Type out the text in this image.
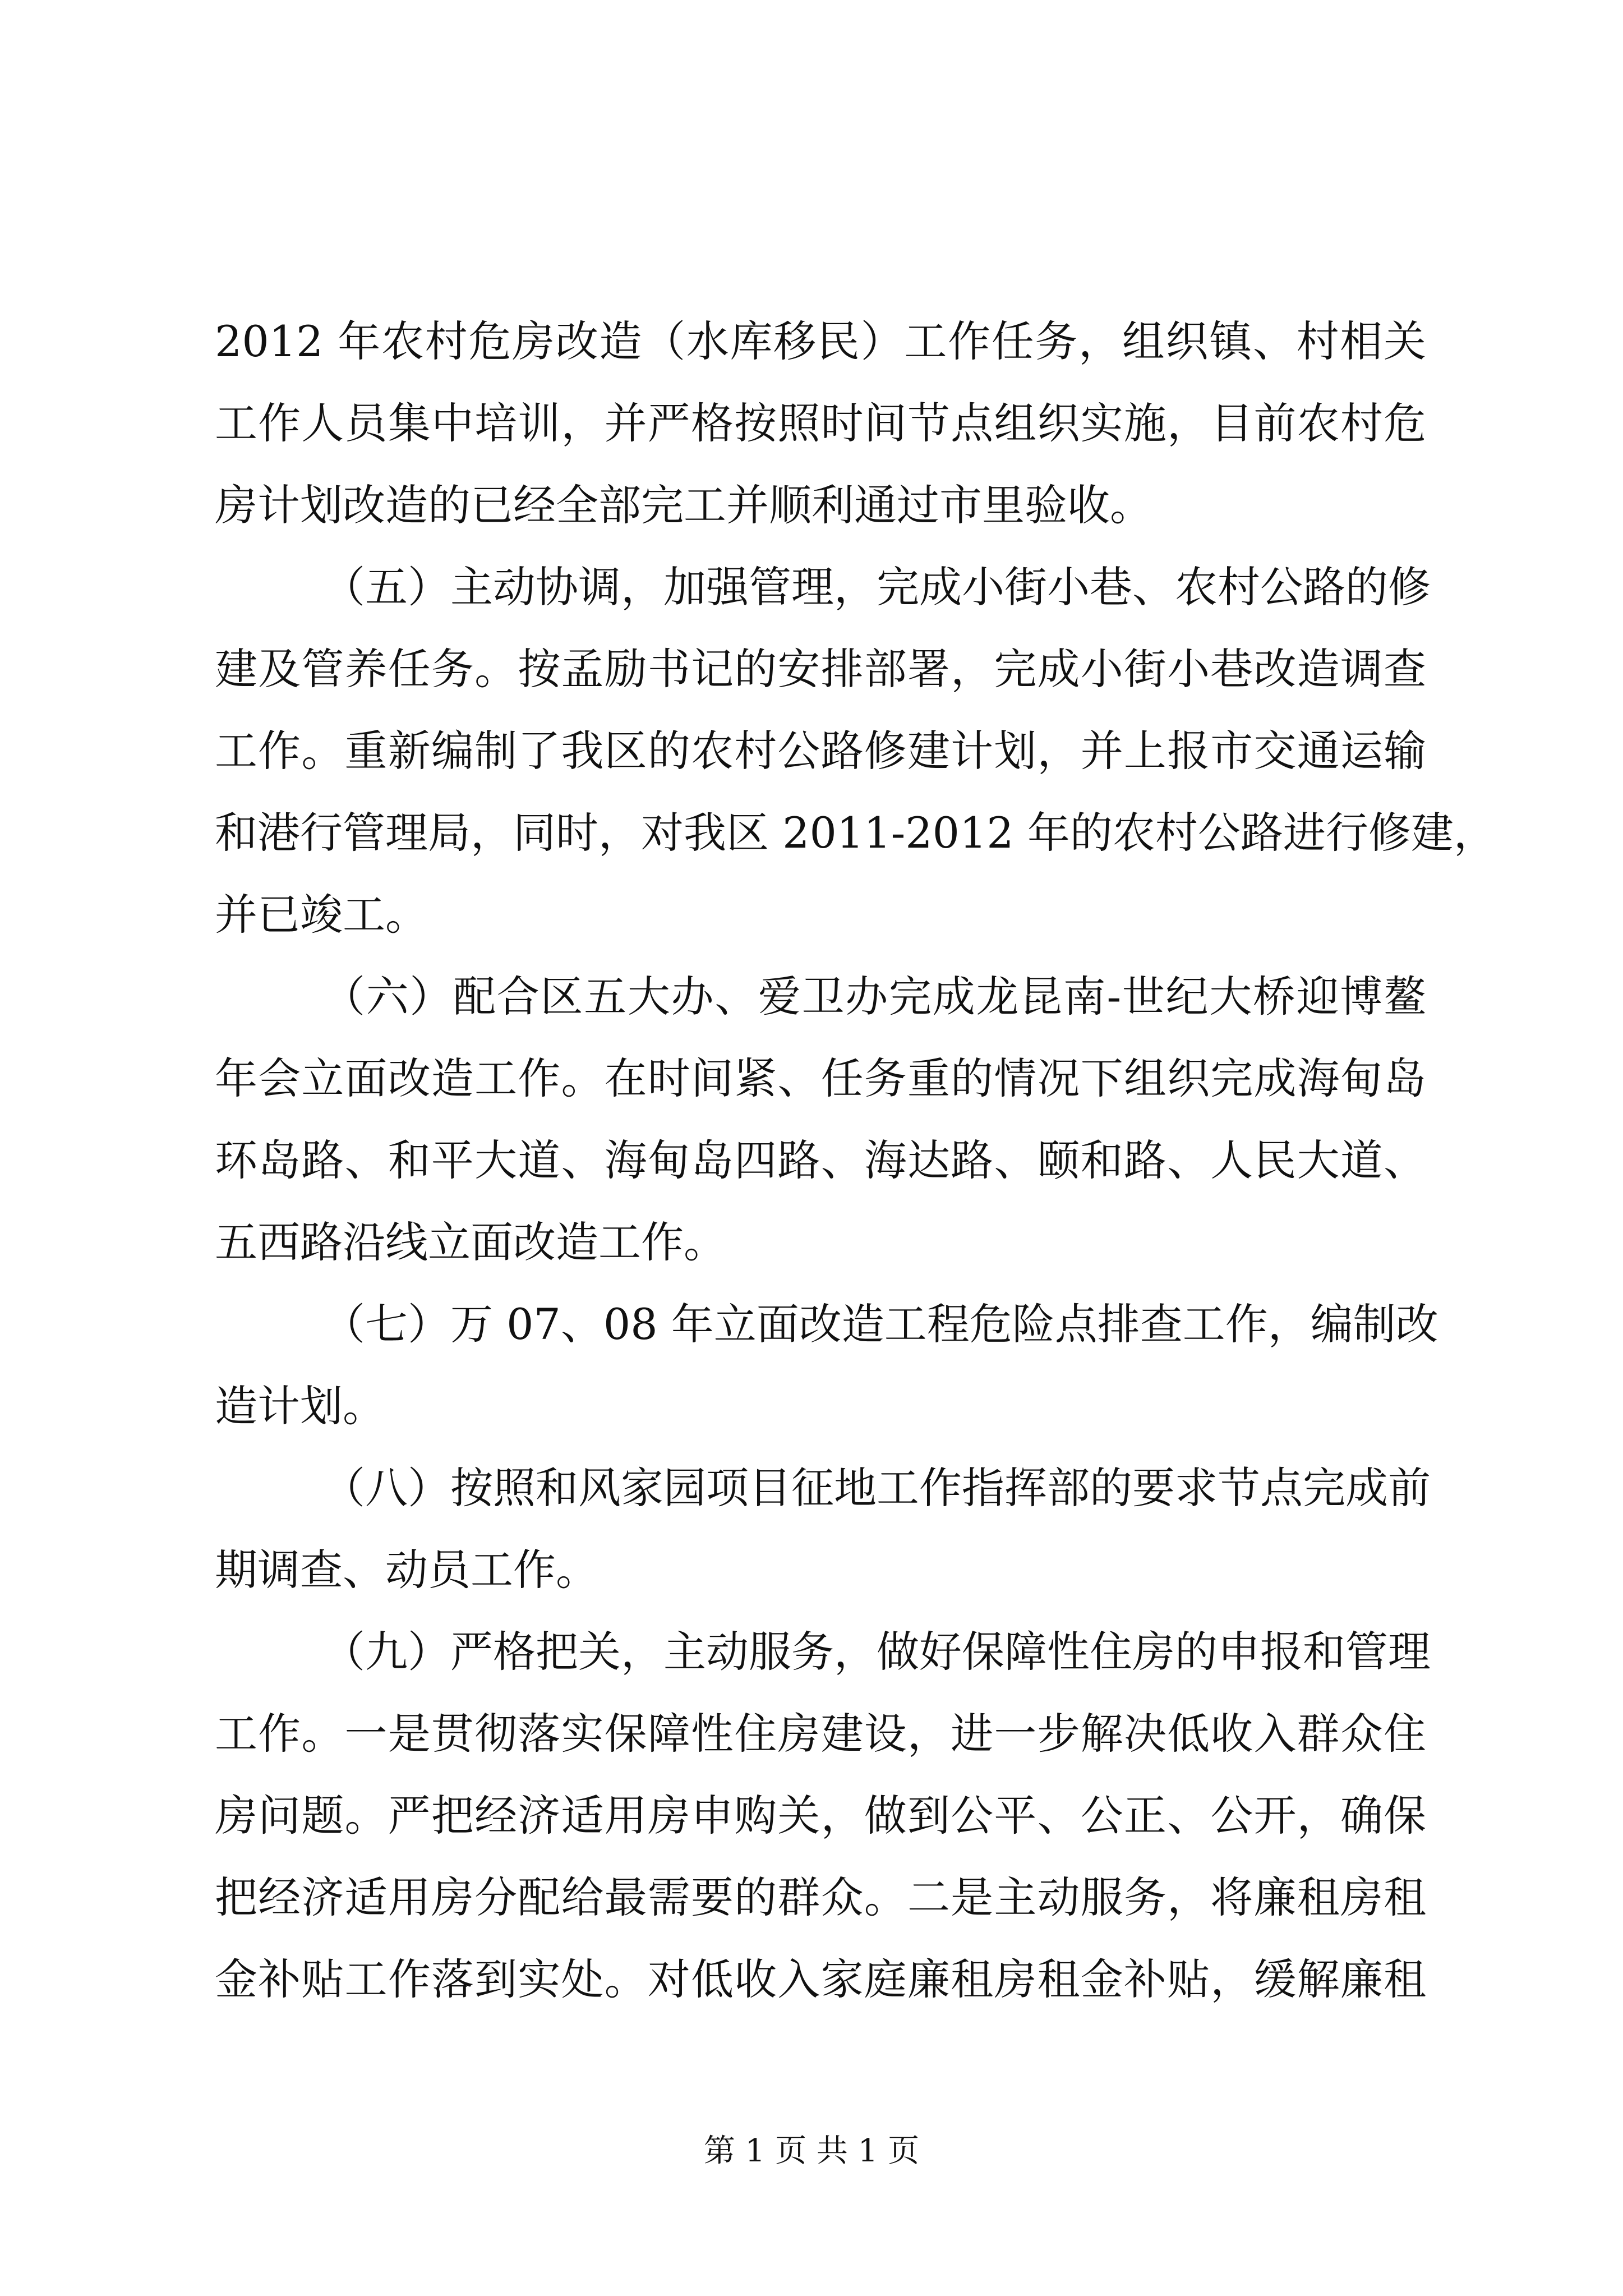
2012 年农村危房改造（水库移民）工作任务，组织镇、村相关
工作人员集中培训，并严格按照时间节点组织实施，目前农村危
房计划改造的已经全部完工并顺利通过市里验收。
（五）主动协调，加强管理，完成小街小巷、农村公路的修
建及管养任务。按孟励书记的安排部署，完成小街小巷改造调查
工作。重新编制了我区的农村公路修建计划，并上报市交通运输
和港行管理局，同时，对我区 2011-2012 年的农村公路进行修建，
并已竣工。
（六）配合区五大办、爱卫办完成龙昆南-世纪大桥迎博鳌
年会立面改造工作。在时间紧、任务重的情况下组织完成海甸岛
环岛路、和平大道、海甸岛四路、海达路、颐和路、人民大道、
五西路沿线立面改造工作。
（七）万 07、08 年立面改造工程危险点排查工作，编制改
造计划。
（八）按照和风家园项目征地工作指挥部的要求节点完成前
期调查、动员工作。
（九）严格把关，主动服务，做好保障性住房的申报和管理
工作。一是贯彻落实保障性住房建设，进一步解决低收入群众住
房问题。严把经济适用房申购关，做到公平、公正、公开，确保
把经济适用房分配给最需要的群众。二是主动服务，将廉租房租
金补贴工作落到实处。对低收入家庭廉租房租金补贴，缓解廉租
第 1 页 共 1 页
